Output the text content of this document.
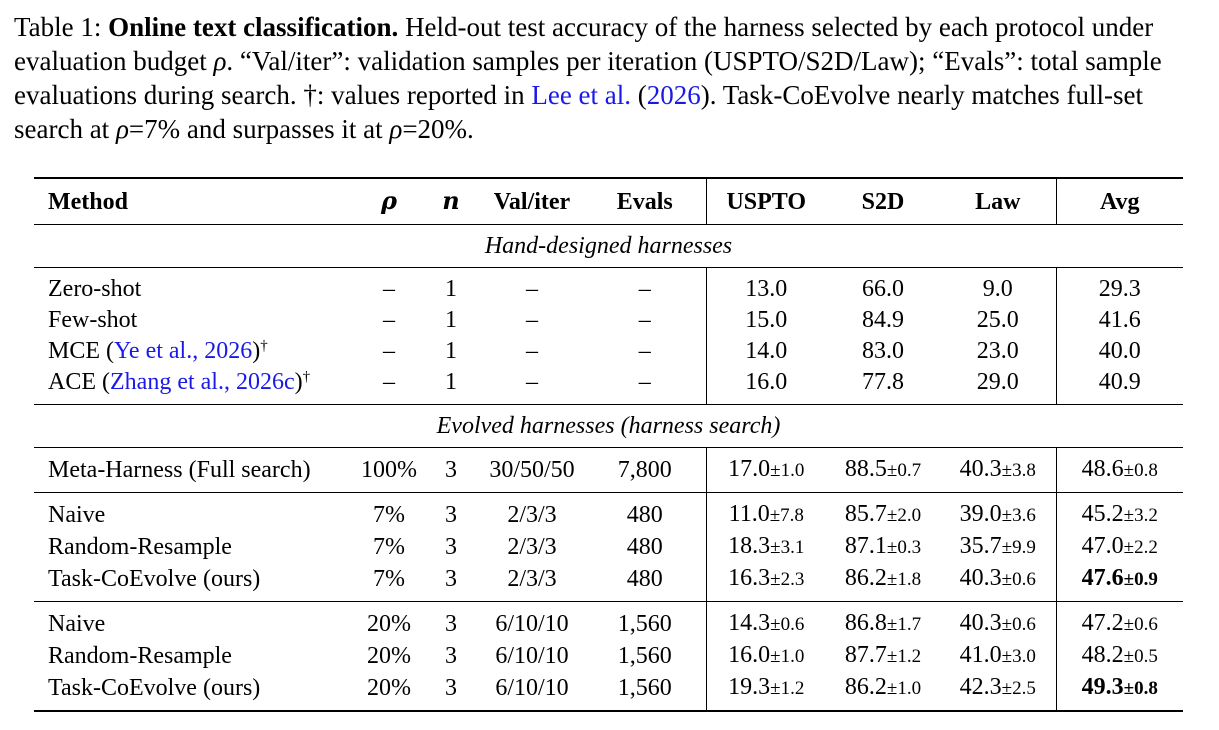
Table 1: Online text classification. Held-out test accuracy of the harness selected by each protocol under evaluation budget ρ. “Val/iter”: validation samples per iteration (USPTO/S2D/Law); “Evals”: total sample evaluations during search. †: values reported in Lee et al. (2026). Task-CoEvolve nearly matches full-set search at ρ=7% and surpasses it at ρ=20%.

Method	ρ	n	Val/iter	Evals	USPTO	S2D	Law	Avg
Hand-designed harnesses								
Zero-shot	–	1	–	–	13.0	66.0	9.0	29.3
Few-shot	–	1	–	–	15.0	84.9	25.0	41.6
MCE (Ye et al., 2026)†	–	1	–	–	14.0	83.0	23.0	40.0
ACE (Zhang et al., 2026c)†	–	1	–	–	16.0	77.8	29.0	40.9
Evolved harnesses (harness search)								
Meta-Harness (Full search)	100%	3	30/50/50	7,800	17.0±1.0	88.5±0.7	40.3±3.8	48.6±0.8
Naive	7%	3	2/3/3	480	11.0±7.8	85.7±2.0	39.0±3.6	45.2±3.2
Random-Resample	7%	3	2/3/3	480	18.3±3.1	87.1±0.3	35.7±9.9	47.0±2.2
Task-CoEvolve (ours)	7%	3	2/3/3	480	16.3±2.3	86.2±1.8	40.3±0.6	47.6±0.9
Naive	20%	3	6/10/10	1,560	14.3±0.6	86.8±1.7	40.3±0.6	47.2±0.6
Random-Resample	20%	3	6/10/10	1,560	16.0±1.0	87.7±1.2	41.0±3.0	48.2±0.5
Task-CoEvolve (ours)	20%	3	6/10/10	1,560	19.3±1.2	86.2±1.0	42.3±2.5	49.3±0.8
